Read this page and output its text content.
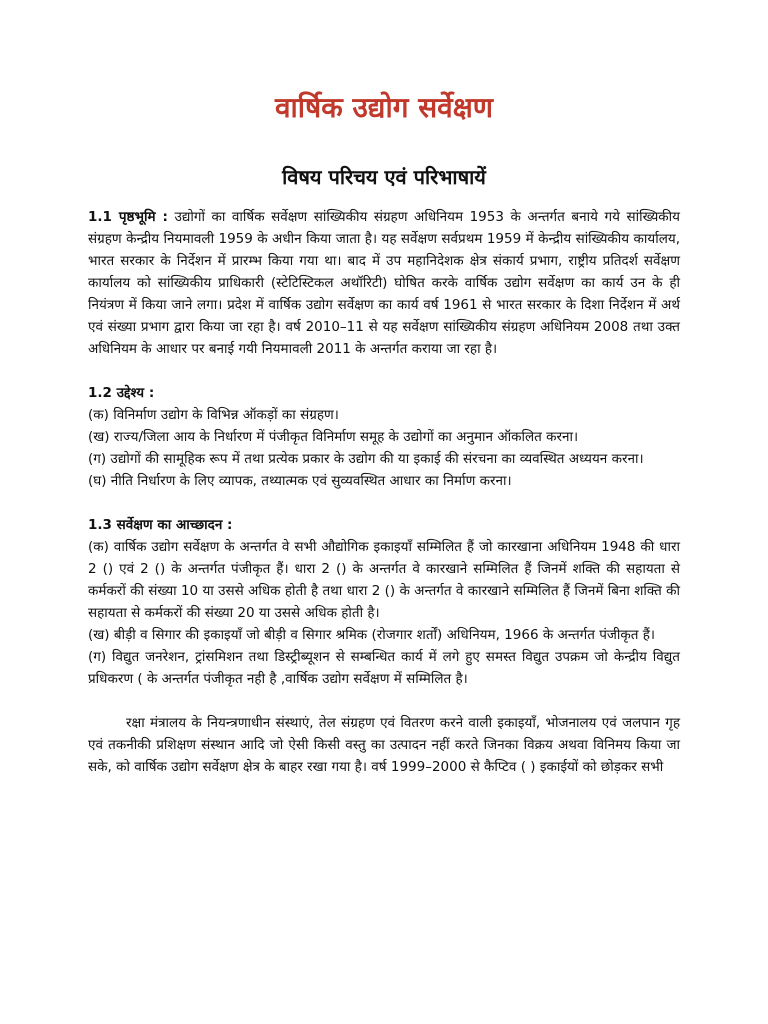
वार्षिक उद्योग सर्वेक्षण
विषय परिचय एवं परिभाषायें

1.1 पृष्ठभूमि : उद्योगों का वार्षिक सर्वेक्षण सांख्यिकीय संग्रहण अधिनियम 1953 के अन्तर्गत बनाये गये सांख्यिकीय संग्रहण केन्द्रीय नियमावली 1959 के अधीन किया जाता है। यह सर्वेक्षण सर्वप्रथम 1959 में केन्द्रीय सांख्यिकीय कार्यालय, भारत सरकार के निर्देशन में प्रारम्भ किया गया था। बाद में उप महानिदेशक क्षेत्र संकार्य प्रभाग, राष्ट्रीय प्रतिदर्श सर्वेक्षण कार्यालय को सांख्यिकीय प्राधिकारी (स्टेटिस्टिकल अथॉरिटी) घोषित करके वार्षिक उद्योग सर्वेक्षण का कार्य उन के ही नियंत्रण में किया जाने लगा। प्रदेश में वार्षिक उद्योग सर्वेक्षण का कार्य वर्ष 1961 से भारत सरकार के दिशा निर्देशन में अर्थ एवं संख्या प्रभाग द्वारा किया जा रहा है। वर्ष 2010–11 से यह सर्वेक्षण सांख्यिकीय संग्रहण अधिनियम 2008 तथा उक्त अधिनियम के आधार पर बनाई गयी नियमावली 2011 के अन्तर्गत कराया जा रहा है।

1.2 उद्देश्य :

(क) विनिर्माण उद्योग के विभिन्न ऑकड़ों का संग्रहण।

(ख) राज्य/जिला आय के निर्धारण में पंजीकृत विनिर्माण समूह के उद्योगों का अनुमान ऑकलित करना।

(ग) उद्योगों की सामूहिक रूप में तथा प्रत्येक प्रकार के उद्योग की या इकाई की संरचना का व्यवस्थित अध्ययन करना।

(घ) नीति निर्धारण के लिए व्यापक, तथ्यात्मक एवं सुव्यवस्थित आधार का निर्माण करना।

1.3 सर्वेक्षण का आच्छादन :

(क) वार्षिक उद्योग सर्वेक्षण के अन्तर्गत वे सभी औद्योगिक इकाइयाँ सम्मिलित हैं जो कारखाना अधिनियम 1948 की धारा 2 () एवं 2 () के अन्तर्गत पंजीकृत हैं। धारा 2 () के अन्तर्गत वे कारखाने सम्मिलित हैं जिनमें शक्ति की सहायता से कर्मकरों की संख्या 10 या उससे अधिक होती है तथा धारा 2 () के अन्तर्गत वे कारखाने सम्मिलित हैं जिनमें बिना शक्ति की सहायता से कर्मकरों की संख्या 20 या उससे अधिक होती है।

(ख) बीड़ी व सिगार की इकाइयाँ जो बीड़ी व सिगार श्रमिक (रोजगार शर्तों) अधिनियम, 1966 के अन्तर्गत पंजीकृत हैं।

(ग) विद्युत जनरेशन, ट्रांसमिशन तथा डिस्ट्रीब्यूशन से सम्बन्धित कार्य में लगे हुए समस्त विद्युत उपक्रम जो केन्द्रीय विद्युत प्रधिकरण ( के अन्तर्गत पंजीकृत नही है ,वार्षिक उद्योग सर्वेक्षण में सम्मिलित है।

रक्षा मंत्रालय के नियन्त्रणाधीन संस्थाएं, तेल संग्रहण एवं वितरण करने वाली इकाइयाँ, भोजनालय एवं जलपान गृह एवं तकनीकी प्रशिक्षण संस्थान आदि जो ऐसी किसी वस्तु का उत्पादन नहीं करते जिनका विक्रय अथवा विनिमय किया जा सके, को वार्षिक उद्योग सर्वेक्षण क्षेत्र के बाहर रखा गया है। वर्ष 1999–2000 से कैप्टिव ( ) इकाईयों को छोड़कर सभी
